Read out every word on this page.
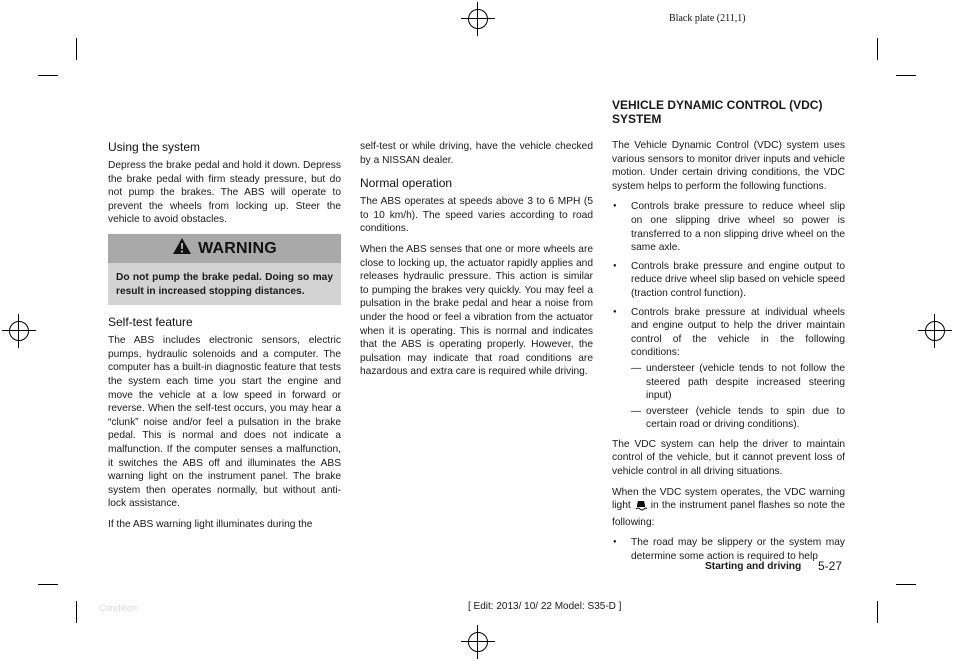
Black plate (211,1)
Using the system

Depress the brake pedal and hold it down. Depress the brake pedal with firm steady pressure, but do not pump the brakes. The ABS will operate to prevent the wheels from locking up. Steer the vehicle to avoid obstacles.

WARNING
Do not pump the brake pedal. Doing so may result in increased stopping distances.
Self-test feature

The ABS includes electronic sensors, electric pumps, hydraulic solenoids and a computer. The computer has a built-in diagnostic feature that tests the system each time you start the engine and move the vehicle at a low speed in forward or reverse. When the self-test occurs, you may hear a “clunk” noise and/or feel a pulsation in the brake pedal. This is normal and does not indicate a malfunction. If the computer senses a malfunction, it switches the ABS off and illuminates the ABS warning light on the instrument panel. The brake system then operates normally, but without anti-lock assistance.

If the ABS warning light illuminates during the

self-test or while driving, have the vehicle checked by a NISSAN dealer.

Normal operation

The ABS operates at speeds above 3 to 6 MPH (5 to 10 km/h). The speed varies according to road conditions.

When the ABS senses that one or more wheels are close to locking up, the actuator rapidly applies and releases hydraulic pressure. This action is similar to pumping the brakes very quickly. You may feel a pulsation in the brake pedal and hear a noise from under the hood or feel a vibration from the actuator when it is operating. This is normal and indicates that the ABS is operating properly. However, the pulsation may indicate that road conditions are hazardous and extra care is required while driving.

VEHICLE DYNAMIC CONTROL (VDC) SYSTEM

The Vehicle Dynamic Control (VDC) system uses various sensors to monitor driver inputs and vehicle motion. Under certain driving conditions, the VDC system helps to perform the following functions.

● Controls brake pressure to reduce wheel slip on one slipping drive wheel so power is transferred to a non slipping drive wheel on the same axle.
● Controls brake pressure and engine output to reduce drive wheel slip based on vehicle speed (traction control function).
● Controls brake pressure at individual wheels and engine output to help the driver maintain control of the vehicle in the following conditions:
— understeer (vehicle tends to not follow the steered path despite increased steering input)
— oversteer (vehicle tends to spin due to certain road or driving conditions).

The VDC system can help the driver to maintain control of the vehicle, but it cannot prevent loss of vehicle control in all driving situations.

When the VDC system operates, the VDC warning light in the instrument panel flashes so note the following:

● The road may be slippery or the system may determine some action is required to help
Starting and driving 5-27
Condition:	[ Edit: 2013/ 10/ 22 Model: S35-D ]
